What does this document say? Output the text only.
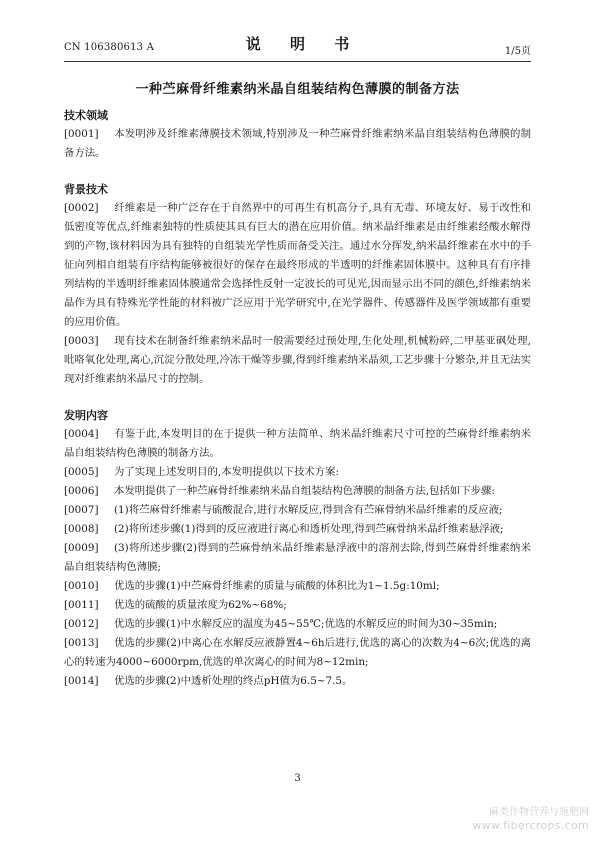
CN 106380613 A	说 明 书	1/5页
一种苎麻骨纤维素纳米晶自组装结构色薄膜的制备方法
技术领域
[0001] 本发明涉及纤维素薄膜技术领域,特别涉及一种苎麻骨纤维素纳米晶自组装结构色薄膜的制备方法。
背景技术
[0002] 纤维素是一种广泛存在于自然界中的可再生有机高分子,具有无毒、环境友好、易于改性和低密度等优点,纤维素独特的性质使其具有巨大的潜在应用价值。纳米晶纤维素是由纤维素经酸水解得到的产物,该材料因为具有独特的自组装光学性质而备受关注。通过水分挥发,纳米晶纤维素在水中的手征向列相自组装有序结构能够被很好的保存在最终形成的半透明的纤维素固体膜中。这种具有有序排列结构的半透明纤维素固体膜通常会选择性反射一定波长的可见光,因而显示出不同的颜色,纤维素纳米晶作为具有特殊光学性能的材料被广泛应用于光学研究中,在光学器件、传感器件及医学领域都有重要的应用价值。
[0003] 现有技术在制备纤维素纳米晶时一般需要经过预处理,生化处理,机械粉碎,二甲基亚砜处理,吡咯氧化处理,离心,沉淀分散处理,冷冻干燥等步骤,得到纤维素纳米晶须,工艺步骤十分繁杂,并且无法实现对纤维素纳米晶尺寸的控制。
发明内容
[0004] 有鉴于此,本发明目的在于提供一种方法简单、纳米晶纤维素尺寸可控的苎麻骨纤维素纳米晶自组装结构色薄膜的制备方法。
[0005] 为了实现上述发明目的,本发明提供以下技术方案:
[0006] 本发明提供了一种苎麻骨纤维素纳米晶自组装结构色薄膜的制备方法,包括如下步骤:
[0007] (1)将苎麻骨纤维素与硫酸混合,进行水解反应,得到含有苎麻骨纳米晶纤维素的反应液;
[0008] (2)将所述步骤(1)得到的反应液进行离心和透析处理,得到苎麻骨纳米晶纤维素悬浮液;
[0009] (3)将所述步骤(2)得到的苎麻骨纳米晶纤维素悬浮液中的溶剂去除,得到苎麻骨纤维素纳米晶自组装结构色薄膜;
[0010] 优选的步骤(1)中苎麻骨纤维素的质量与硫酸的体积比为1~1.5g:10ml;
[0011] 优选的硫酸的质量浓度为62%~68%;
[0012] 优选的步骤(1)中水解反应的温度为45~55℃;优选的水解反应的时间为30~35min;
[0013] 优选的步骤(2)中离心在水解反应液静置4~6h后进行,优选的离心的次数为4~6次;优选的离心的转速为4000~6000rpm,优选的单次离心的时间为8~12min;
[0014] 优选的步骤(2)中透析处理的终点pH值为6.5~7.5。
3
麻类作物营养与施肥网
www.fibercrops.com
